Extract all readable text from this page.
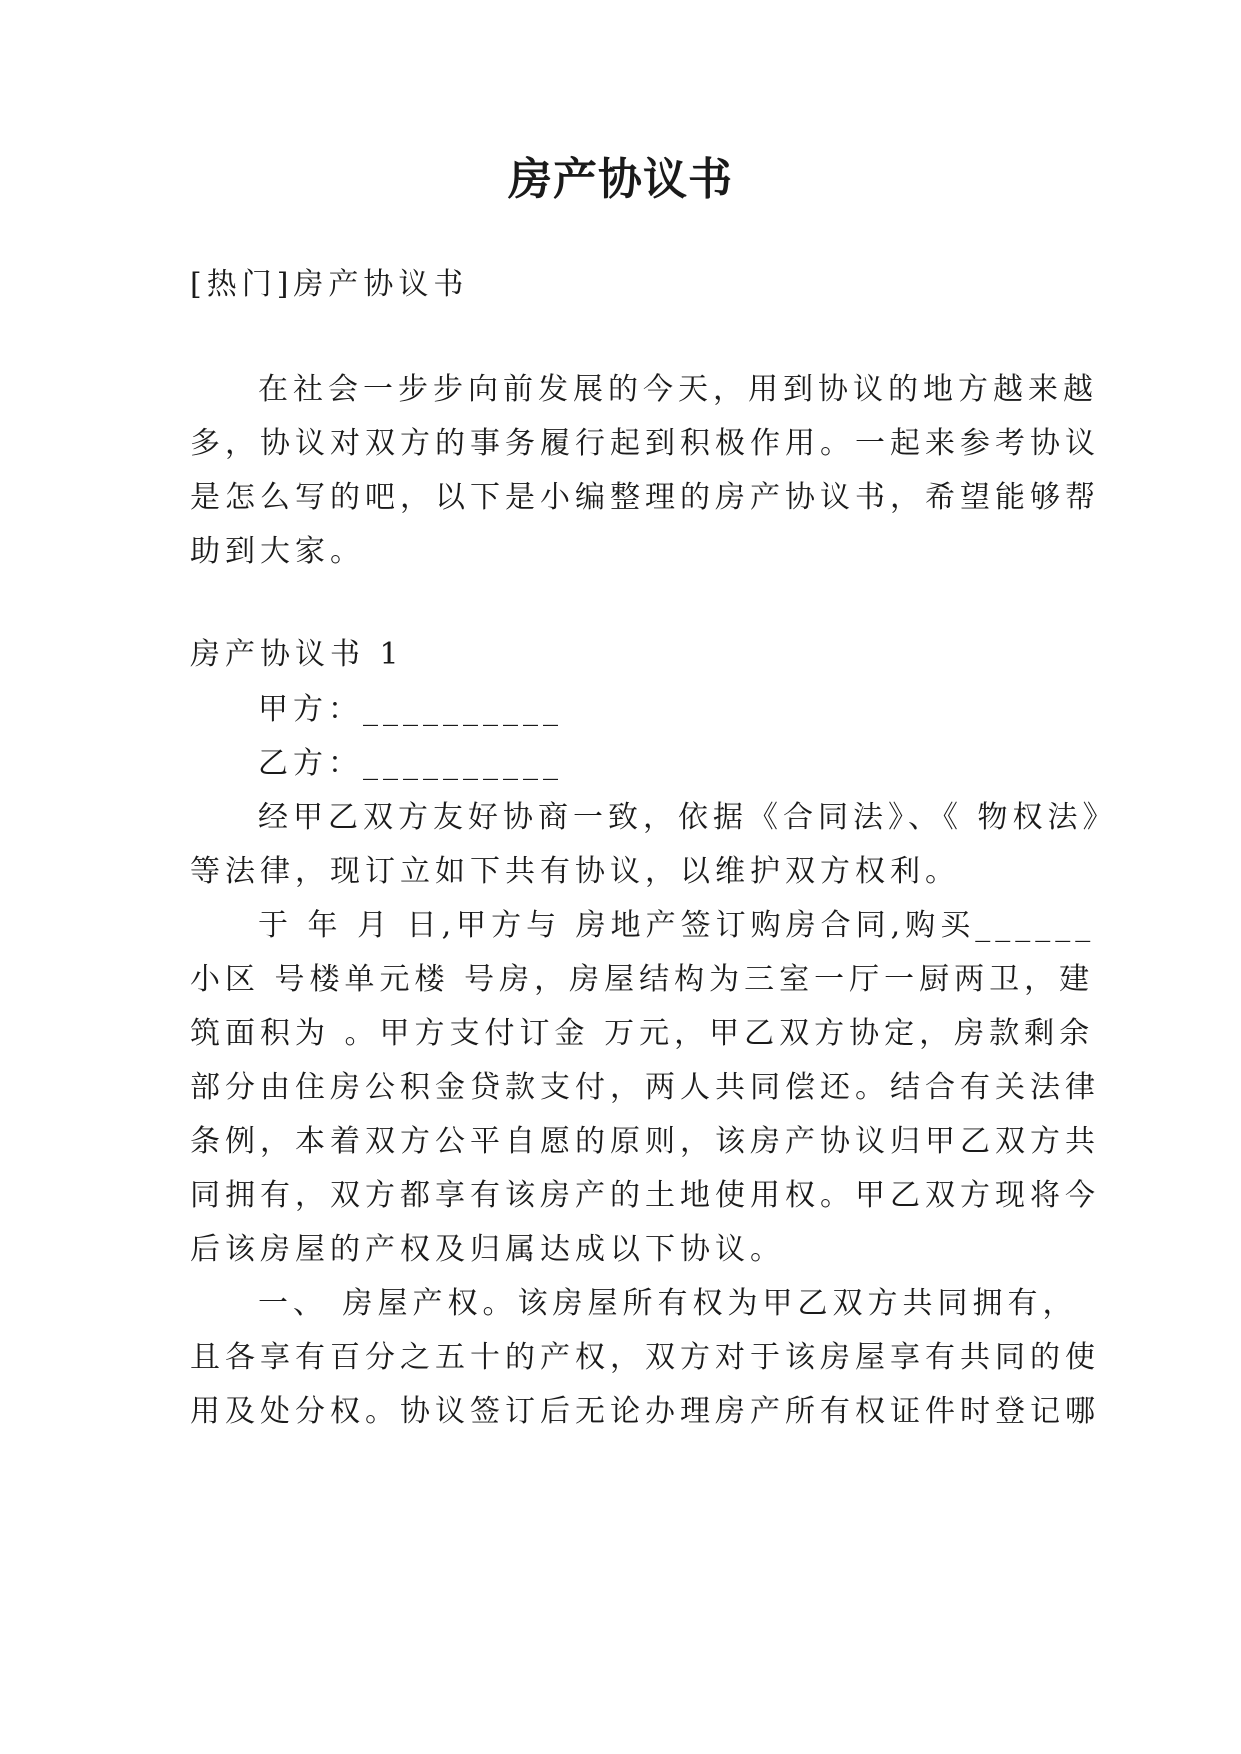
房产协议书

[热门]房产协议书

在社会一步步向前发展的今天，用到协议的地方越来越

多，协议对双方的事务履行起到积极作用。一起来参考协议

是怎么写的吧，以下是小编整理的房产协议书，希望能够帮

助到大家。

房产协议书 1

甲方：__________

乙方：__________

经甲乙双方友好协商一致，依据《合同法》、《 物权法》

等法律，现订立如下共有协议，以维护双方权利。

于 年 月 日,甲方与 房地产签订购房合同,购买______

小区 号楼单元楼 号房，房屋结构为三室一厅一厨两卫，建

筑面积为 。甲方支付订金 万元，甲乙双方协定，房款剩余

部分由住房公积金贷款支付，两人共同偿还。结合有关法律

条例，本着双方公平自愿的原则，该房产协议归甲乙双方共

同拥有，双方都享有该房产的土地使用权。甲乙双方现将今

后该房屋的产权及归属达成以下协议。

一、 房屋产权。该房屋所有权为甲乙双方共同拥有，

且各享有百分之五十的产权，双方对于该房屋享有共同的使

用及处分权。协议签订后无论办理房产所有权证件时登记哪
